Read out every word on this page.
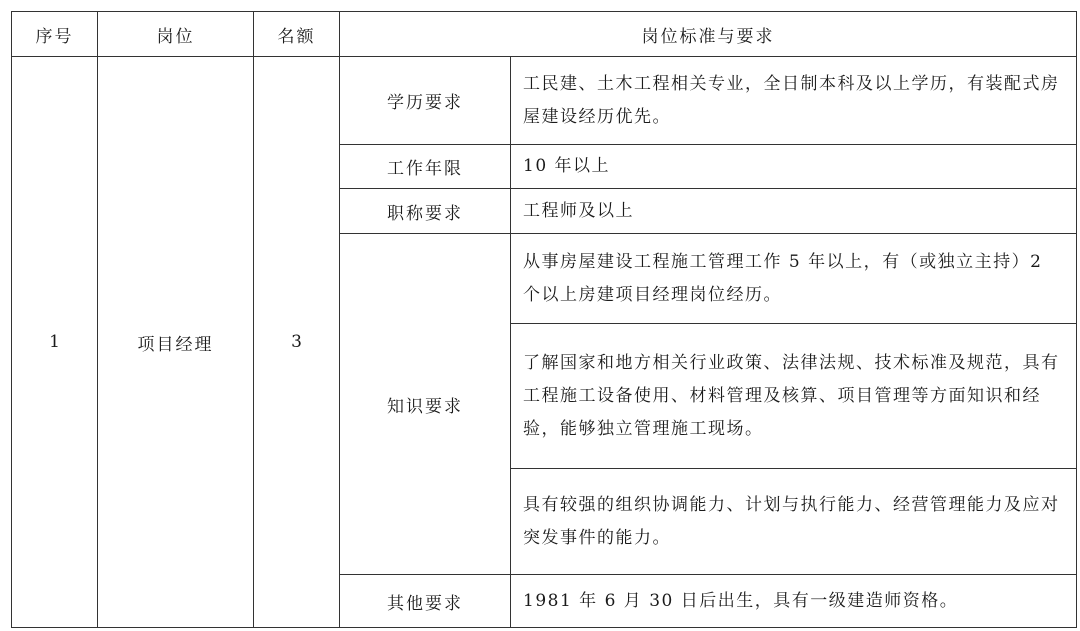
序号	岗位	名额	岗位标准与要求	
1	项目经理	3	学历要求	工民建、土木工程相关专业，全日制本科及以上学历，有装配式房屋建设经历优先。
			工作年限	10 年以上
			职称要求	工程师及以上
			知识要求	从事房屋建设工程施工管理工作 5 年以上，有（或独立主持）2 个以上房建项目经理岗位经历。
				了解国家和地方相关行业政策、法律法规、技术标准及规范，具有工程施工设备使用、材料管理及核算、项目管理等方面知识和经验，能够独立管理施工现场。
				具有较强的组织协调能力、计划与执行能力、经营管理能力及应对突发事件的能力。
			其他要求	1981 年 6 月 30 日后出生，具有一级建造师资格。
